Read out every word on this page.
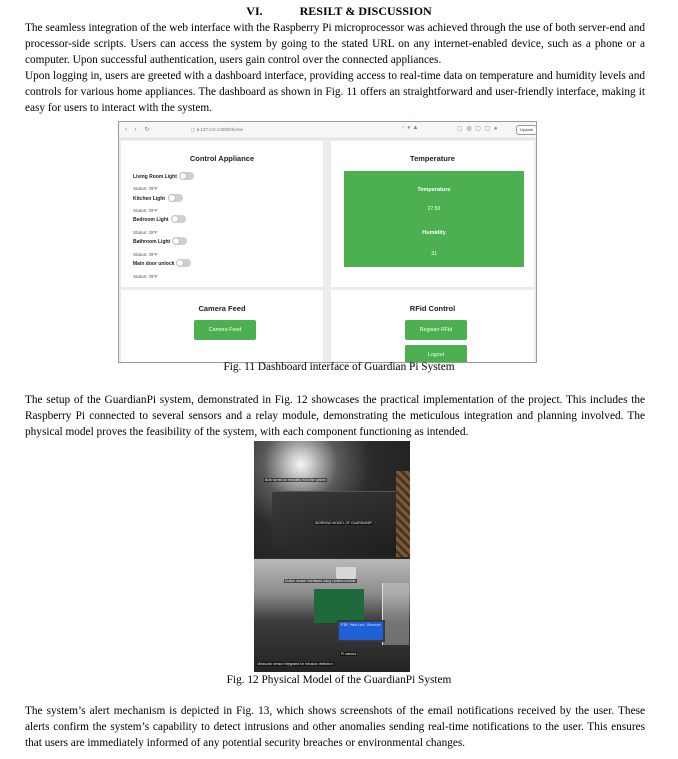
VI.	RESILT & DISCUSSION

The seamless integration of the web interface with the Raspberry Pi microprocessor was achieved through the use of both server-end and processor-side scripts. Users can access the system by going to the stated URL on any internet-enabled device, such as a phone or a computer. Upon successful authentication, users gain control over the connected appliances.

Upon logging in, users are greeted with a dashboard interface, providing access to real-time data on temperature and humidity levels and controls for various home appliances. The dashboard as shown in Fig. 11 offers an straightforward and user-friendly interface, making it easy for users to interact with the system.

‹ › ↻	▢ ● 127.0.0.1:5000/home	♂ ● ▲	▢ ◍ ▢ ▢ ●	Update
Control Appliance
Living Room Light
Status: OFF
Kitchen Light
Status: OFF
Bedroom Light
Status: OFF
Bathroom Light
Status: OFF
Main door unlock
Status: OFF
Temperature
Temperature
27.50
Humidity
31
Camera Feed
Camera Feed
RFid Control
Register RFid
Logout
Fig. 11 Dashboard interface of Guardian Pi System

The setup of the GuardianPi system, demonstrated in Fig. 12 showcases the practical implementation of the project. This includes the Raspberry Pi connected to several sensors and a relay module, demonstrating the meticulous integration and planning involved. The physical model proves the feasibility of the system, with each component functioning as intended.

Bulb turned on remotely from the system
WORKING MODEL OF GUARDIANPI
PIR Motion Sensor
Motion sensor interfaced using camera module
Pi camera
Ultrasonic sensor integrated for intrusion detection
Fig. 12 Physical Model of the GuardianPi System

The system’s alert mechanism is depicted in Fig. 13, which shows screenshots of the email notifications received by the user. These alerts confirm the system’s capability to detect intrusions and other anomalies sending real-time notifications to the user. This ensures that users are immediately informed of any potential security breaches or environmental changes.
